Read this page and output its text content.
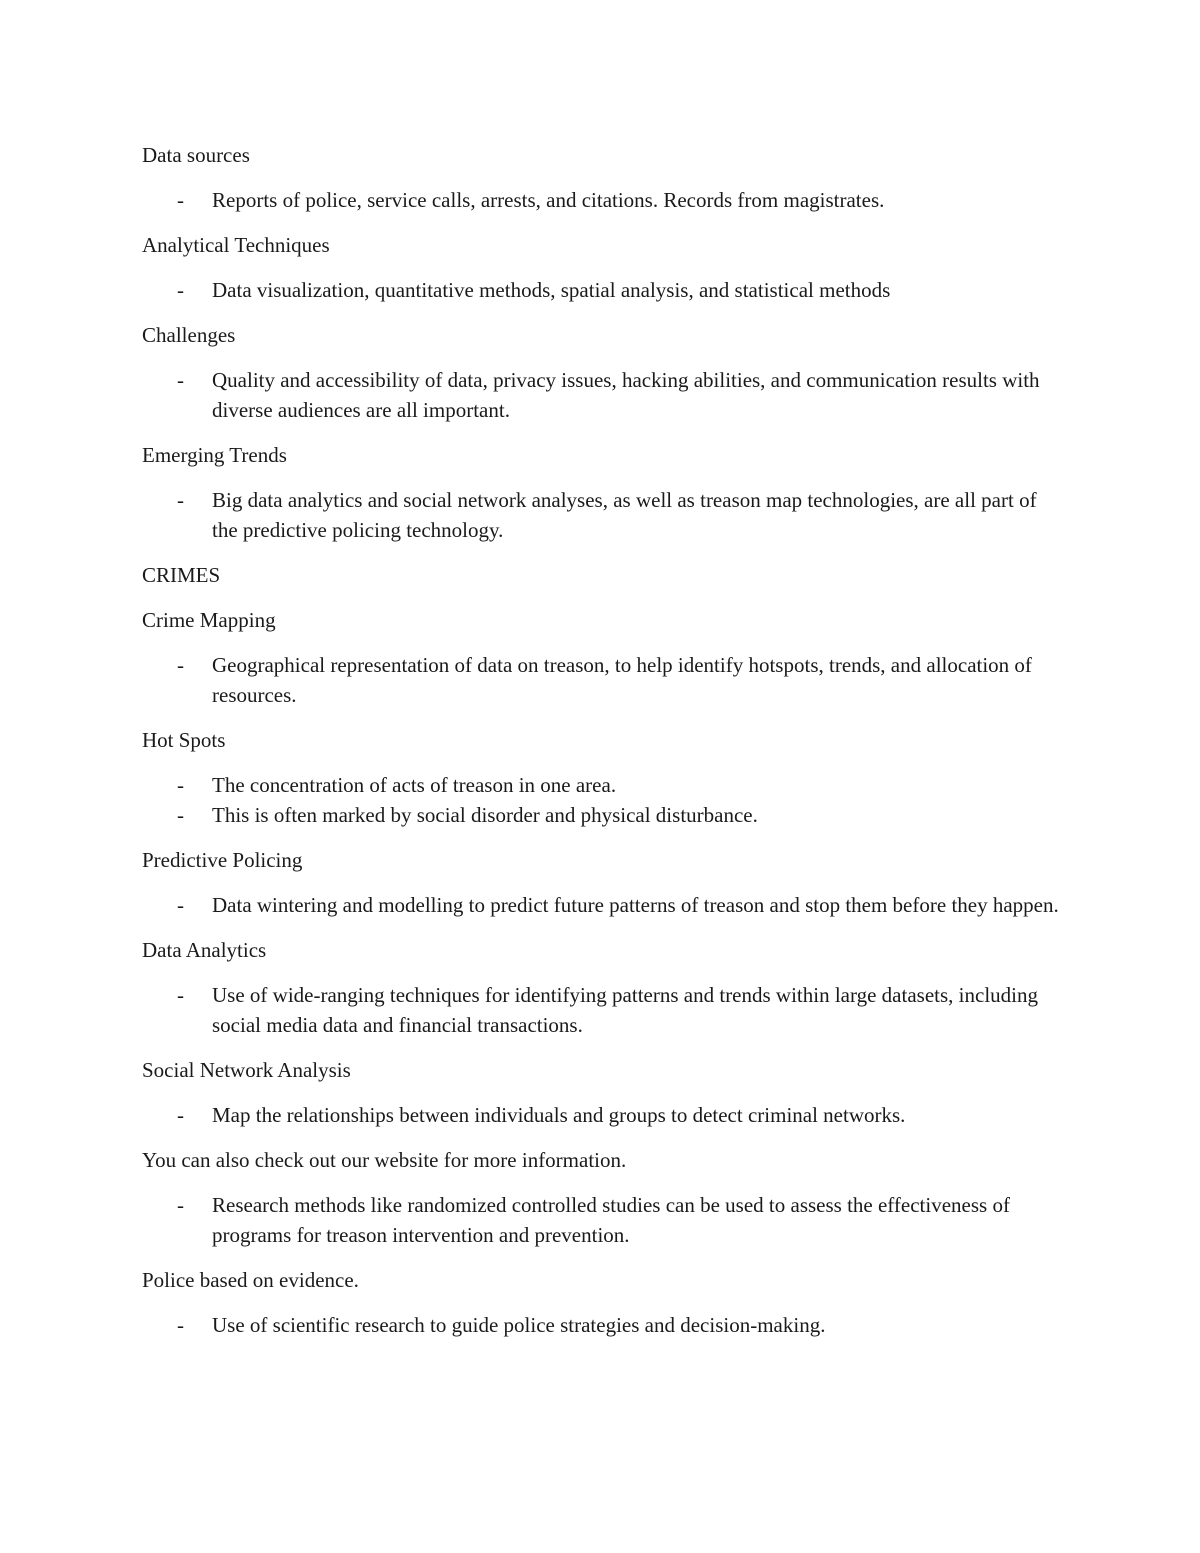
Data sources

- Reports of police, service calls, arrests, and citations. Records from magistrates.

Analytical Techniques

- Data visualization, quantitative methods, spatial analysis, and statistical methods

Challenges

- Quality and accessibility of data, privacy issues, hacking abilities, and communication results with diverse audiences are all important.

Emerging Trends

- Big data analytics and social network analyses, as well as treason map technologies, are all part of the predictive policing technology.

CRIMES

Crime Mapping

- Geographical representation of data on treason, to help identify hotspots, trends, and allocation of resources.

Hot Spots

- The concentration of acts of treason in one area.
- This is often marked by social disorder and physical disturbance.

Predictive Policing

- Data wintering and modelling to predict future patterns of treason and stop them before they happen.

Data Analytics

- Use of wide-ranging techniques for identifying patterns and trends within large datasets, including social media data and financial transactions.

Social Network Analysis

- Map the relationships between individuals and groups to detect criminal networks.

You can also check out our website for more information.

- Research methods like randomized controlled studies can be used to assess the effectiveness of programs for treason intervention and prevention.

Police based on evidence.

- Use of scientific research to guide police strategies and decision-making.
